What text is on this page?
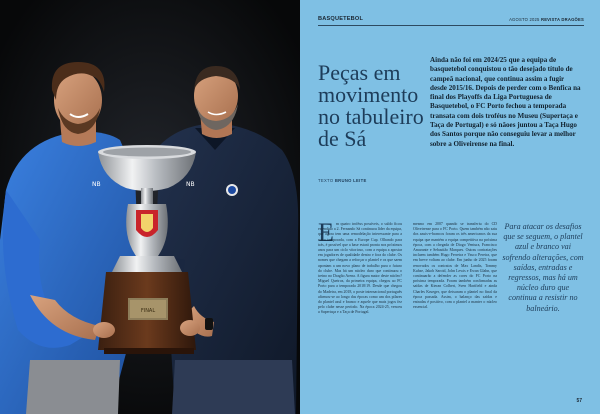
NB	NB
FINAL
BASQUETEBOL	AGOSTO 2025 REVISTA DRAGÕES
Peças em movimento no tabuleiro de Sá
TEXTO BRUNO LEITE

Ainda não foi em 2024/25 que a equipa de basquetebol conquistou o tão desejado título de campeã nacional, que continua assim a fugir desde 2015/16. Depois de perder com o Benfica na final dos Playoffs da Liga Portuguesa de Basquetebol, o FC Porto fechou a temporada transata com dois troféus no Museu (Supertaça e Taça de Portugal) e só nãoes juntou a Taça Hugo dos Santos porque não conseguiu levar a melhor sobre a Oliveirense na final.

E m quatro troféus possíveis, o saldo ficou estendido a 2. Fernando Sá continuou líder da equipa, que agora tem uma remodelação interessante para a nova temporada, com a Europe Cup. Olhando para trás, é possível que a base estará pronta nos próximos anos para um ciclo vitorioso, com a equipa a apostar em jogadores de qualidade dentro e fora do clube. Os nomes que chegam a reforçar o plantel e os que saem apontam a um novo plano de trabalho para o futuro do clube. Mas há um núcleo duro que continuou o treino no Dragão Arena. A figura maior deste núcleo? Miguel Queiroz, da primeira equipa, chegou ao FC Porto para a temporada 2018/19. Desde que chegou do Madeira, em 2018, o poste internacional português afirmou-se ao longo das épocas como um dos pilares do plantel azul e branco e aquele que mais jogos fez pelo clube nesse período. Na época 2024-25, venceu a Supertaça e a Taça de Portugal.

mesmo em 2007 quando se transferiu do CD Oliveirense para o FC Porto. Quem também não saiu dos azuis-e-brancos foram os três americanos da sua equipa que mantém a equipa competitiva na próxima época, com a chegada de Diogo Ventura, Francisco Amarante e Sebastião Marques. Outras contratações incluem também Hugo Ferreira e Vasco Pereira, que em breve voltam ao clube. Em junho de 2025 foram renovados os contratos de Max Landis, Tommy Kuhse, Jakob Saroid, John Lewis e Ewan Glahn, que continuarão a defender as cores do FC Porto na próxima temporada. Foram também confirmadas as saídas de Kieran Colbert, Sven Hartfield e ainda Charles Krueger, que deixaram o plantel no final da época passada. Assim, o balanço das saídas e entradas é positivo, com o plantel a manter o núcleo essencial.

Para atacar os desafios que se seguem, o plantel azul e branco vai sofrendo alterações, com saídas, entradas e regressos, mas há um núcleo duro que continua a resistir no balneário.

57
